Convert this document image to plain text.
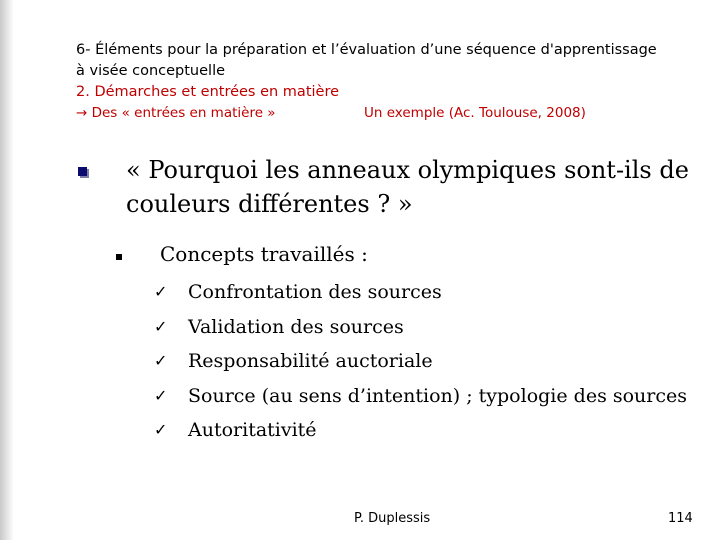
6- Éléments pour la préparation et l’évaluation d’une séquence d'apprentissage
à visée conceptuelle
2. Démarches et entrées en matière
→ Des « entrées en matière »	Un exemple (Ac. Toulouse, 2008)
« Pourquoi les anneaux olympiques sont-ils de couleurs différentes ? »
Concepts travaillés :
✓ Confrontation des sources
✓ Validation des sources
✓ Responsabilité auctoriale
✓ Source (au sens d’intention) ; typologie des sources
✓ Autoritativité
P. Duplessis	114
